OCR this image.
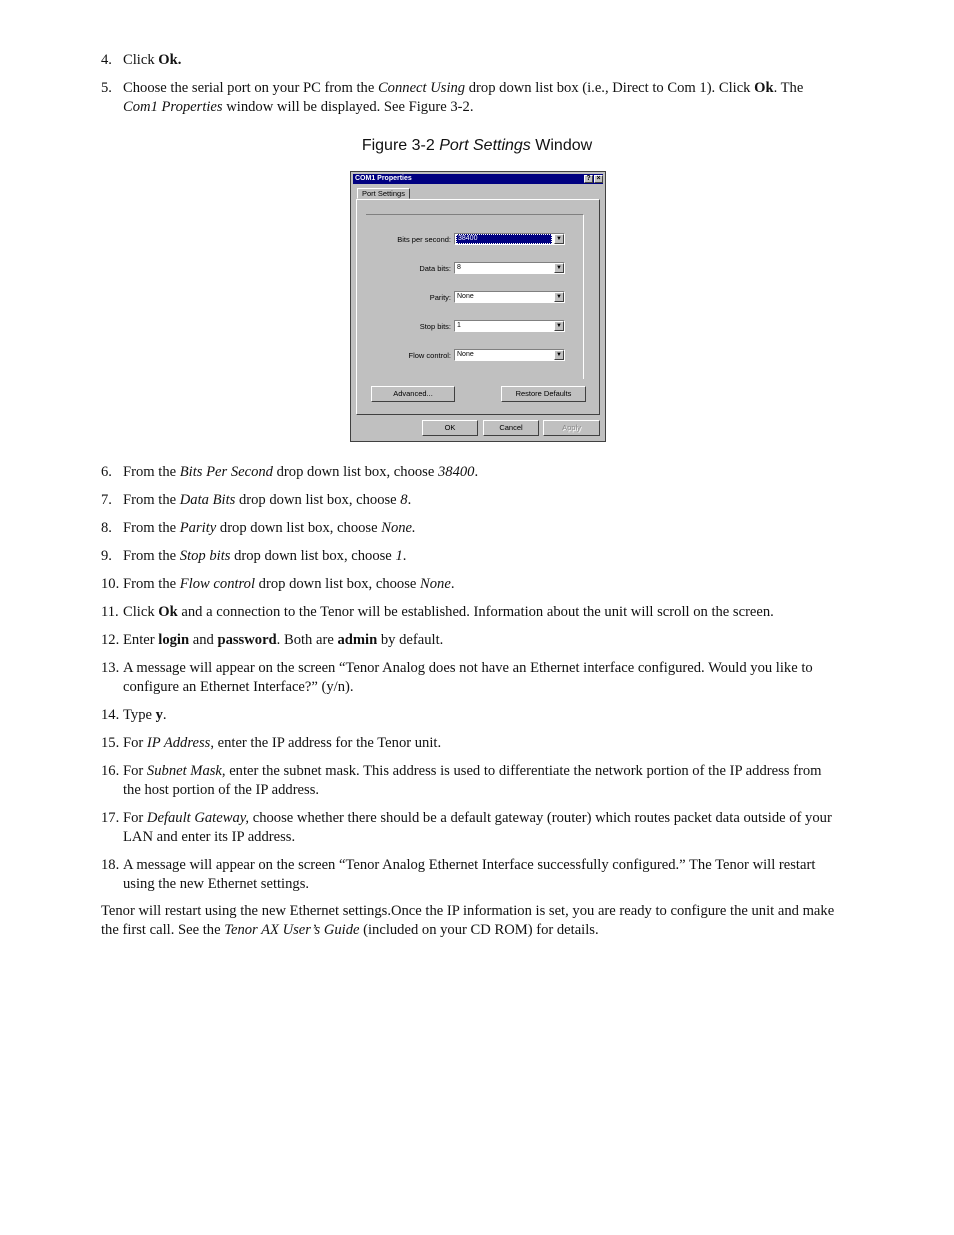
4. Click Ok.
5. Choose the serial port on your PC from the Connect Using drop down list box (i.e., Direct to Com 1). Click Ok. The Com1 Properties window will be displayed. See Figure 3-2.
Figure 3-2 Port Settings Window
COM1 Properties	? ×
Port Settings
Bits per second: 38400	▼
Data bits: 8	▼
Parity: None	▼
Stop bits: 1	▼
Flow control: None	▼
Advanced...	Restore Defaults
OK	Cancel	Apply
6. From the Bits Per Second drop down list box, choose 38400.
7. From the Data Bits drop down list box, choose 8.
8. From the Parity drop down list box, choose None.
9. From the Stop bits drop down list box, choose 1.
10. From the Flow control drop down list box, choose None.
11. Click Ok and a connection to the Tenor will be established. Information about the unit will scroll on the screen.
12. Enter login and password. Both are admin by default.
13. A message will appear on the screen “Tenor Analog does not have an Ethernet interface configured. Would you like to configure an Ethernet Interface?” (y/n).
14. Type y.
15. For IP Address, enter the IP address for the Tenor unit.
16. For Subnet Mask, enter the subnet mask. This address is used to differentiate the network portion of the IP address from the host portion of the IP address.
17. For Default Gateway, choose whether there should be a default gateway (router) which routes packet data outside of your LAN and enter its IP address.
18. A message will appear on the screen “Tenor Analog Ethernet Interface successfully configured.” The Tenor will restart using the new Ethernet settings.

Tenor will restart using the new Ethernet settings.Once the IP information is set, you are ready to configure the unit and make the first call. See the Tenor AX User’s Guide (included on your CD ROM) for details.
